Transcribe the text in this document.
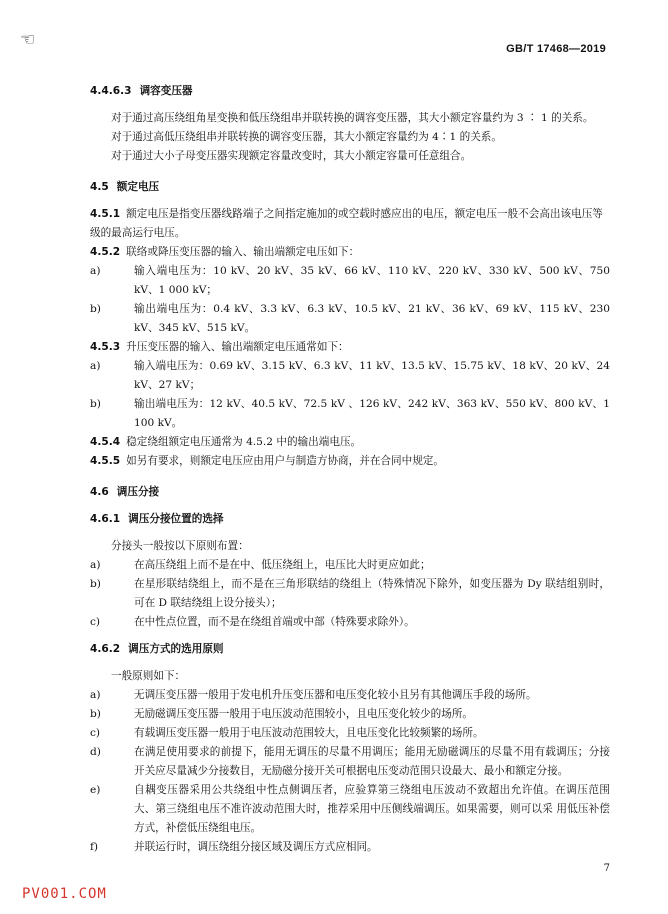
☜	GB/T 17468—2019
4.4.6.3 调容变压器
对于通过高压绕组角星变换和低压绕组串并联转换的调容变压器，其大小额定容量约为 3 ∶ 1 的关系。
对于通过高低压绕组串并联转换的调容变压器，其大小额定容量约为 4∶1 的关系。
对于通过大小子母变压器实现额定容量改变时，其大小额定容量可任意组合。
4.5 额定电压
4.5.1 额定电压是指变压器线路端子之间指定施加的或空载时感应出的电压，额定电压一般不会高出该电压等级的最高运行电压。
4.5.2 联络或降压变压器的输入、输出端额定电压如下：
a)	输入端电压为：10 kV、20 kV、35 kV、66 kV、110 kV、220 kV、330 kV、500 kV、750 kV、1 000 kV；
b)	输出端电压为：0.4 kV、3.3 kV、6.3 kV、10.5 kV、21 kV、36 kV、69 kV、115 kV、230 kV、345 kV、515 kV。
4.5.3 升压变压器的输入、输出端额定电压通常如下：
a)	输入端电压为：0.69 kV、3.15 kV、6.3 kV、11 kV、13.5 kV、15.75 kV、18 kV、20 kV、24 kV、27 kV；
b)	输出端电压为：12 kV、40.5 kV、72.5 kV 、126 kV、242 kV、363 kV、550 kV、800 kV、1 100 kV。
4.5.4 稳定绕组额定电压通常为 4.5.2 中的输出端电压。
4.5.5 如另有要求，则额定电压应由用户与制造方协商，并在合同中规定。
4.6 调压分接
4.6.1 调压分接位置的选择
分接头一般按以下原则布置：
a)	在高压绕组上而不是在中、低压绕组上，电压比大时更应如此；
b)	在星形联结绕组上，而不是在三角形联结的绕组上（特殊情况下除外，如变压器为 Dy 联结组别时，可在 D 联结绕组上设分接头）；
c)	在中性点位置，而不是在绕组首端或中部（特殊要求除外）。
4.6.2 调压方式的选用原则
一般原则如下：
a)	无调压变压器一般用于发电机升压变压器和电压变化较小且另有其他调压手段的场所。
b)	无励磁调压变压器一般用于电压波动范围较小，且电压变化较少的场所。
c)	有载调压变压器一般用于电压波动范围较大，且电压变化比较频繁的场所。
d)	在满足使用要求的前提下，能用无调压的尽量不用调压；能用无励磁调压的尽量不用有载调压；分接开关应尽量减少分接数目，无励磁分接开关可根据电压变动范围只设最大、最小和额定分接。
e)	自耦变压器采用公共绕组中性点侧调压者，应验算第三绕组电压波动不致超出允许值。在调压范围大、第三绕组电压不准许波动范围大时，推荐采用中压侧线端调压。如果需要，则可以采 用低压补偿方式，补偿低压绕组电压。
f)	并联运行时，调压绕组分接区域及调压方式应相同。
7
PV001.COM
